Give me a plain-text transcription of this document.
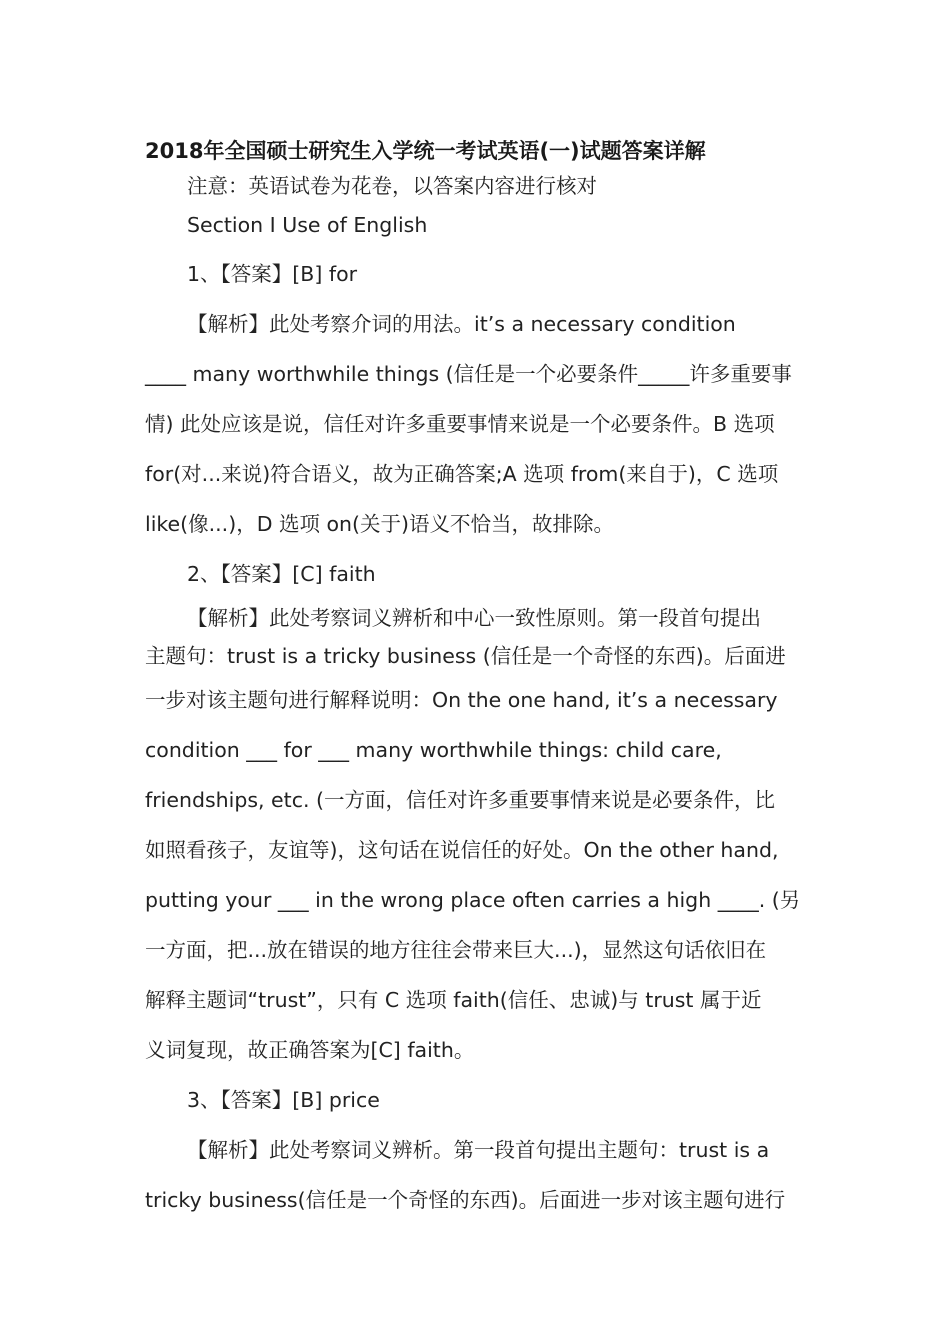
2018年全国硕士研究生入学统一考试英语(一)试题答案详解

注意：英语试卷为花卷，以答案内容进行核对

Section I Use of English

1、【答案】[B] for

【解析】此处考察介词的用法。it’s a necessary condition
____ many worthwhile things (信任是一个必要条件_____许多重要事
情) 此处应该是说，信任对许多重要事情来说是一个必要条件。B 选项
for(对...来说)符合语义，故为正确答案;A 选项 from(来自于)，C 选项
like(像...)，D 选项 on(关于)语义不恰当，故排除。

2、【答案】[C] faith

【解析】此处考察词义辨析和中心一致性原则。第一段首句提出
主题句：trust is a tricky business (信任是一个奇怪的东西)。后面进

一步对该主题句进行解释说明：On the one hand, it’s a necessary
condition ___ for ___ many worthwhile things: child care,
friendships, etc. (一方面，信任对许多重要事情来说是必要条件，比
如照看孩子，友谊等)，这句话在说信任的好处。On the other hand,
putting your ___ in the wrong place often carries a high ____. (另
一方面，把...放在错误的地方往往会带来巨大...)，显然这句话依旧在
解释主题词“trust”，只有 C 选项 faith(信任、忠诚)与 trust 属于近
义词复现，故正确答案为[C] faith。

3、【答案】[B] price

【解析】此处考察词义辨析。第一段首句提出主题句：trust is a
tricky business(信任是一个奇怪的东西)。后面进一步对该主题句进行
